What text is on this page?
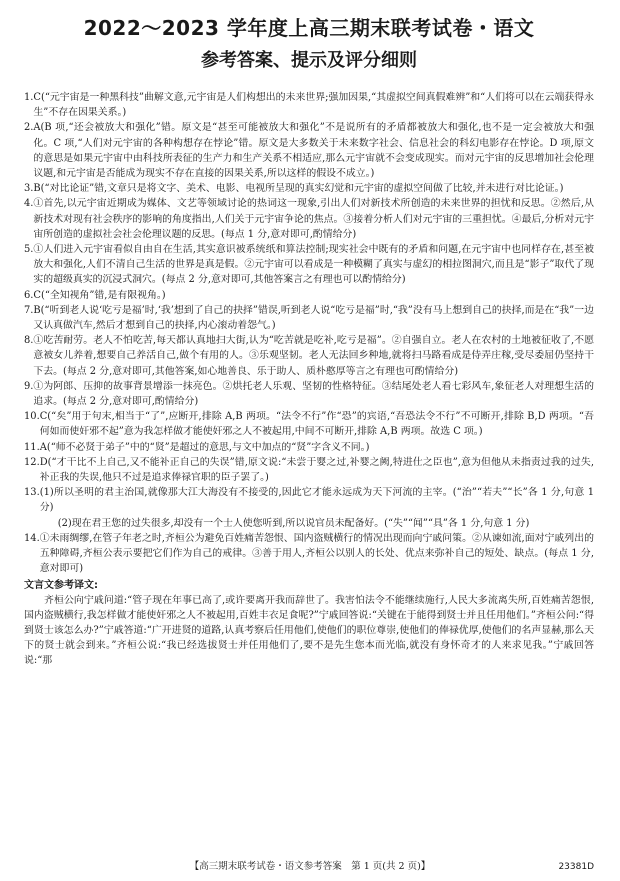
2022～2023 学年度上高三期末联考试卷・语文
参考答案、提示及评分细则
1. C(“元宇宙是一种黑科技”曲解文意,元宇宙是人们构想出的未来世界;强加因果,“其虚拟空间真假难辨”和“人们将可以在云端获得永生”不存在因果关系。)
2. A(B 项,“还会被放大和强化”错。原文是“甚至可能被放大和强化”不是说所有的矛盾都被放大和强化,也不是一定会被放大和强化。C 项,“人们对元宇宙的各种构想存在悖论”错。原文是大多数关于未来数字社会、信息社会的科幻电影存在悖论。D 项,原文的意思是如果元宇宙中由科技所表征的生产力和生产关系不相适应,那么元宇宙就不会变成现实。而对元宇宙的反思增加社会伦理议题,和元宇宙是否能成为现实不存在直接的因果关系,所以这样的假设不成立。)
3. B(“对比论证”错,文章只是将文字、美术、电影、电视所呈现的真实幻觉和元宇宙的虚拟空间做了比较,并未进行对比论证。)
4. ①首先,以元宇宙近期成为媒体、文艺等领域讨论的热词这一现象,引出人们对新技术所创造的未来世界的担忧和反思。②然后,从新技术对现有社会秩序的影响的角度指出,人们关于元宇宙争论的焦点。③接着分析人们对元宇宙的三重担忧。④最后,分析对元宇宙所创造的虚拟社会社会伦理议题的反思。(每点 1 分,意对即可,酌情给分)
5. ①人们进入元宇宙看似自由自在生活,其实意识被系统纸和算法控制;现实社会中既有的矛盾和问题,在元宇宙中也同样存在,甚至被放大和强化,人们不清自己生活的世界是真是假。②元宇宙可以看成是一种模糊了真实与虚幻的相拉图洞穴,而且是“影子”取代了现实的超级真实的沉浸式洞穴。(每点 2 分,意对即可,其他答案言之有理也可以酌情给分)
6. C(“全知视角”错,是有限视角。)
7. B(“听到老人说‘吃亏是福’时,‘我’想到了自己的抉择”错误,听到老人说“吃亏是福”时,“我”没有马上想到自己的抉择,而是在“我”一边又认真做汽车,然后才想到自己的抉择,内心滚动着怨气。)
8. ①吃苦耐劳。老人不怕吃苦,每天都认真地扫大街,认为“吃苦就是吃补,吃亏是福”。②自强自立。老人在农村的土地被征收了,不愿意被女儿养着,想要自己养活自己,做个有用的人。③乐观坚韧。老人无法回乡种地,就将扫马路看成是侍弄庄稼,受尽委屈仍坚持干下去。(每点 2 分,意对即可,其他答案,如心地善良、乐于助人、质朴憨厚等言之有理也可酌情给分)
9. ①为阿郎、压抑的故事背景增添一抹亮色。②烘托老人乐观、坚韧的性格特征。③结尾处老人看七彩风车,象征老人对理想生活的追求。(每点 2 分,意对即可,酌情给分)
10. C(“矣”用于句末,相当于“了”,应断开,排除 A,B 两项。“法令不行”作“恐”的宾语,“吾恐法令不行”不可断开,排除 B,D 两项。“吾何如而使奸邪不起”意为我怎样做才能使奸邪之人不被起用,中间不可断开,排除 A,B 两项。故选 C 项。)
11. A(“师不必贤于弟子”中的“贤”是超过的意思,与文中加点的“贤”字含义不同。)
12. D(“才干比不上自己,又不能补正自己的失误”错,原文说:“未尝于婴之过,补婴之阙,特进仕之臣也”,意为但他从未指责过我的过失,补正我的失误,他只不过是追求俸禄官职的臣子罢了。)
13. (1)所以圣明的君主治国,就像那大江大海没有不接受的,因此它才能永远成为天下河流的主宰。(“治”“若夫”“长”各 1 分,句意 1 分)
(2)现在君王您的过失很多,却没有一个士人使您听到,所以说官员未配备好。(“失”“闻”“具”各 1 分,句意 1 分)
14. ①未雨绸缪,在管子年老之时,齐桓公为避免百姓痛苦怨恨、国内盗贼横行的情况出现而向宁戚问策。②从谏如流,面对宁戚列出的五种障碍,齐桓公表示要把它们作为自己的戒律。③善于用人,齐桓公以别人的长处、优点来弥补自己的短处、缺点。(每点 1 分,意对即可)
文言文参考译文:
齐桓公向宁戚问道:“管子现在年事已高了,或许要离开我而辞世了。我害怕法令不能继续施行,人民大多流离失所,百姓痛苦怨恨,国内盗贼横行,我怎样做才能使奸邪之人不被起用,百姓丰衣足食呢?”宁戚回答说:“关键在于能得到贤士并且任用他们。”齐桓公问:“得到贤士该怎么办?”宁戚答道:“广开进贤的道路,认真考察后任用他们,使他们的职位尊崇,使他们的俸禄优厚,使他们的名声显赫,那么天下的贤士就会到来。”齐桓公说:“我已经选拔贤士并任用他们了,要不是先生您本而光临,就没有身怀奇才的人来求见我。”宁戚回答说:“那
【高三期末联考试卷・语文参考答案　第 1 页(共 2 页)】	23381D
